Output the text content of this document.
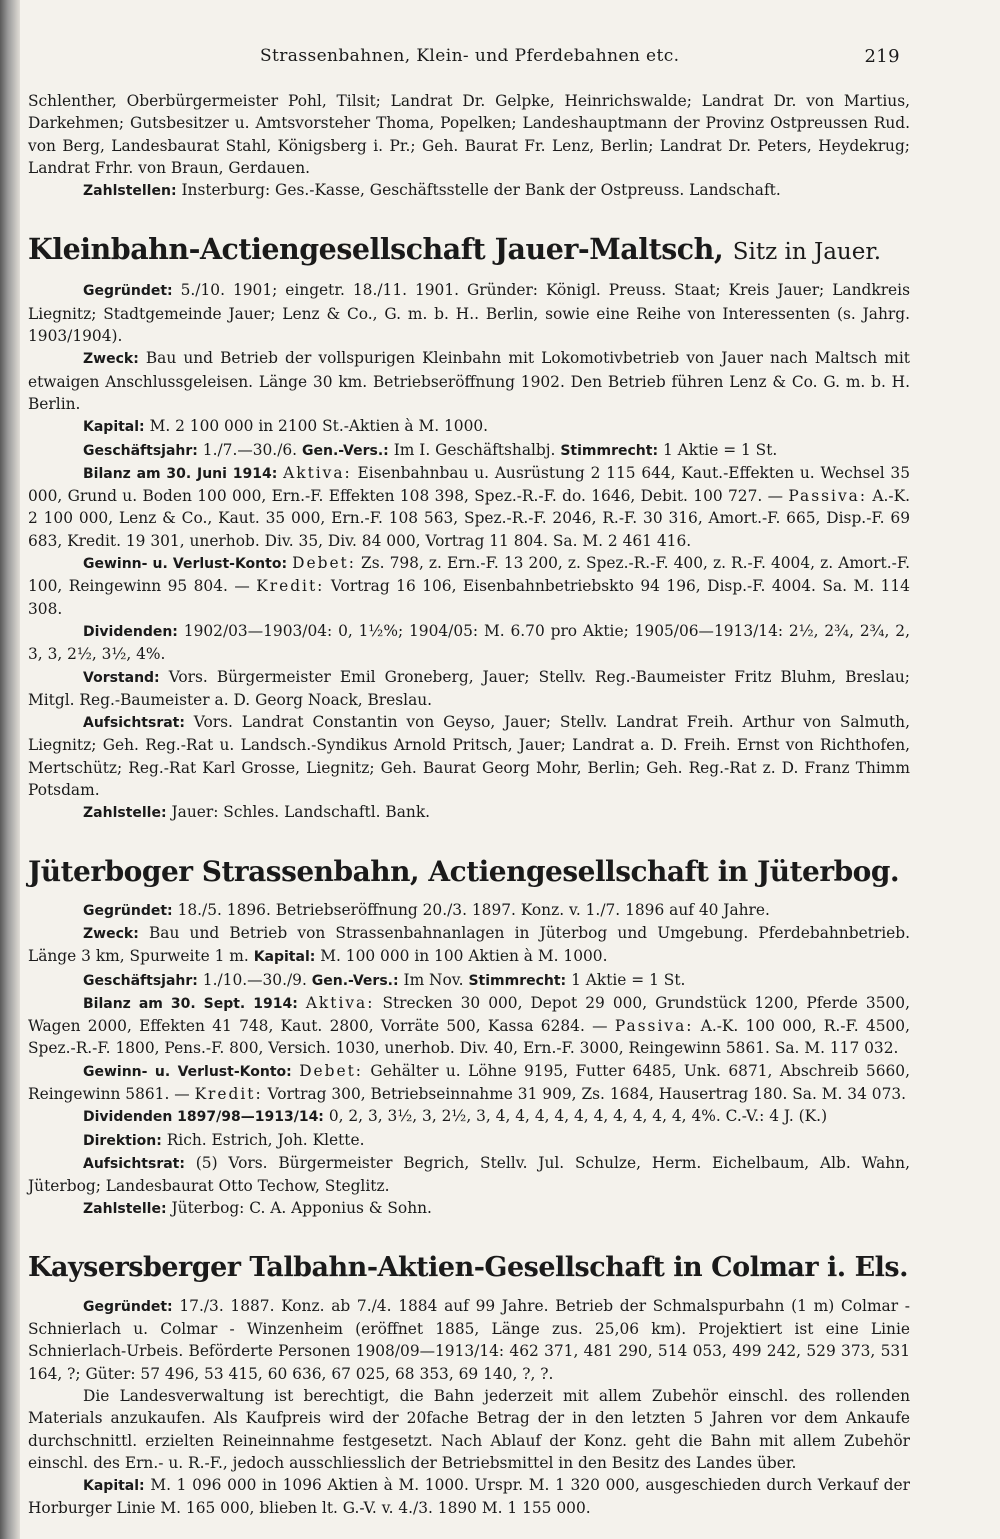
Strassenbahnen, Klein- und Pferdebahnen etc.	219

Schlenther, Oberbürgermeister Pohl, Tilsit; Landrat Dr. Gelpke, Heinrichswalde; Landrat Dr. von Martius, Darkehmen; Gutsbesitzer u. Amtsvorsteher Thoma, Popelken; Landeshauptmann der Provinz Ostpreussen Rud. von Berg, Landesbaurat Stahl, Königsberg i. Pr.; Geh. Baurat Fr. Lenz, Berlin; Landrat Dr. Peters, Heydekrug; Landrat Frhr. von Braun, Gerdauen.

Zahlstellen: Insterburg: Ges.-Kasse, Geschäftsstelle der Bank der Ostpreuss. Landschaft.

Kleinbahn-Actiengesellschaft Jauer-Maltsch, Sitz in Jauer.

Gegründet: 5./10. 1901; eingetr. 18./11. 1901. Gründer: Königl. Preuss. Staat; Kreis Jauer; Landkreis Liegnitz; Stadtgemeinde Jauer; Lenz & Co., G. m. b. H.. Berlin, sowie eine Reihe von Interessenten (s. Jahrg. 1903/1904).

Zweck: Bau und Betrieb der vollspurigen Kleinbahn mit Lokomotivbetrieb von Jauer nach Maltsch mit etwaigen Anschlussgeleisen. Länge 30 km. Betriebseröffnung 1902. Den Betrieb führen Lenz & Co. G. m. b. H. Berlin.

Kapital: M. 2 100 000 in 2100 St.-Aktien à M. 1000.

Geschäftsjahr: 1./7.—30./6. Gen.-Vers.: Im I. Geschäftshalbj. Stimmrecht: 1 Aktie = 1 St.

Bilanz am 30. Juni 1914: Aktiva: Eisenbahnbau u. Ausrüstung 2 115 644, Kaut.-Effekten u. Wechsel 35 000, Grund u. Boden 100 000, Ern.-F. Effekten 108 398, Spez.-R.-F. do. 1646, Debit. 100 727. — Passiva: A.-K. 2 100 000, Lenz & Co., Kaut. 35 000, Ern.-F. 108 563, Spez.-R.-F. 2046, R.-F. 30 316, Amort.-F. 665, Disp.-F. 69 683, Kredit. 19 301, unerhob. Div. 35, Div. 84 000, Vortrag 11 804. Sa. M. 2 461 416.

Gewinn- u. Verlust-Konto: Debet: Zs. 798, z. Ern.-F. 13 200, z. Spez.-R.-F. 400, z. R.-F. 4004, z. Amort.-F. 100, Reingewinn 95 804. — Kredit: Vortrag 16 106, Eisenbahnbetriebskto 94 196, Disp.-F. 4004. Sa. M. 114 308.

Dividenden: 1902/03—1903/04: 0, 1½%; 1904/05: M. 6.70 pro Aktie; 1905/06—1913/14: 2½, 2¾, 2¾, 2, 3, 3, 2½, 3½, 4%.

Vorstand: Vors. Bürgermeister Emil Groneberg, Jauer; Stellv. Reg.-Baumeister Fritz Bluhm, Breslau; Mitgl. Reg.-Baumeister a. D. Georg Noack, Breslau.

Aufsichtsrat: Vors. Landrat Constantin von Geyso, Jauer; Stellv. Landrat Freih. Arthur von Salmuth, Liegnitz; Geh. Reg.-Rat u. Landsch.-Syndikus Arnold Pritsch, Jauer; Landrat a. D. Freih. Ernst von Richthofen, Mertschütz; Reg.-Rat Karl Grosse, Liegnitz; Geh. Baurat Georg Mohr, Berlin; Geh. Reg.-Rat z. D. Franz Thimm Potsdam.

Zahlstelle: Jauer: Schles. Landschaftl. Bank.

Jüterboger Strassenbahn, Actiengesellschaft in Jüterbog.

Gegründet: 18./5. 1896. Betriebseröffnung 20./3. 1897. Konz. v. 1./7. 1896 auf 40 Jahre.

Zweck: Bau und Betrieb von Strassenbahnanlagen in Jüterbog und Umgebung. Pferdebahnbetrieb. Länge 3 km, Spurweite 1 m. Kapital: M. 100 000 in 100 Aktien à M. 1000.

Geschäftsjahr: 1./10.—30./9. Gen.-Vers.: Im Nov. Stimmrecht: 1 Aktie = 1 St.

Bilanz am 30. Sept. 1914: Aktiva: Strecken 30 000, Depot 29 000, Grundstück 1200, Pferde 3500, Wagen 2000, Effekten 41 748, Kaut. 2800, Vorräte 500, Kassa 6284. — Passiva: A.-K. 100 000, R.-F. 4500, Spez.-R.-F. 1800, Pens.-F. 800, Versich. 1030, unerhob. Div. 40, Ern.-F. 3000, Reingewinn 5861. Sa. M. 117 032.

Gewinn- u. Verlust-Konto: Debet: Gehälter u. Löhne 9195, Futter 6485, Unk. 6871, Abschreib 5660, Reingewinn 5861. — Kredit: Vortrag 300, Betriebseinnahme 31 909, Zs. 1684, Hausertrag 180. Sa. M. 34 073.

Dividenden 1897/98—1913/14: 0, 2, 3, 3½, 3, 2½, 3, 4, 4, 4, 4, 4, 4, 4, 4, 4, 4, 4%. C.-V.: 4 J. (K.)

Direktion: Rich. Estrich, Joh. Klette.

Aufsichtsrat: (5) Vors. Bürgermeister Begrich, Stellv. Jul. Schulze, Herm. Eichelbaum, Alb. Wahn, Jüterbog; Landesbaurat Otto Techow, Steglitz.

Zahlstelle: Jüterbog: C. A. Apponius & Sohn.

Kaysersberger Talbahn-Aktien-Gesellschaft in Colmar i. Els.

Gegründet: 17./3. 1887. Konz. ab 7./4. 1884 auf 99 Jahre. Betrieb der Schmalspurbahn (1 m) Colmar - Schnierlach u. Colmar - Winzenheim (eröffnet 1885, Länge zus. 25,06 km). Projektiert ist eine Linie Schnierlach-Urbeis. Beförderte Personen 1908/09—1913/14: 462 371, 481 290, 514 053, 499 242, 529 373, 531 164, ?; Güter: 57 496, 53 415, 60 636, 67 025, 68 353, 69 140, ?, ?.

Die Landesverwaltung ist berechtigt, die Bahn jederzeit mit allem Zubehör einschl. des rollenden Materials anzukaufen. Als Kaufpreis wird der 20fache Betrag der in den letzten 5 Jahren vor dem Ankaufe durchschnittl. erzielten Reineinnahme festgesetzt. Nach Ablauf der Konz. geht die Bahn mit allem Zubehör einschl. des Ern.- u. R.-F., jedoch ausschliesslich der Betriebsmittel in den Besitz des Landes über.

Kapital: M. 1 096 000 in 1096 Aktien à M. 1000. Urspr. M. 1 320 000, ausgeschieden durch Verkauf der Horburger Linie M. 165 000, blieben lt. G.-V. v. 4./3. 1890 M. 1 155 000.
